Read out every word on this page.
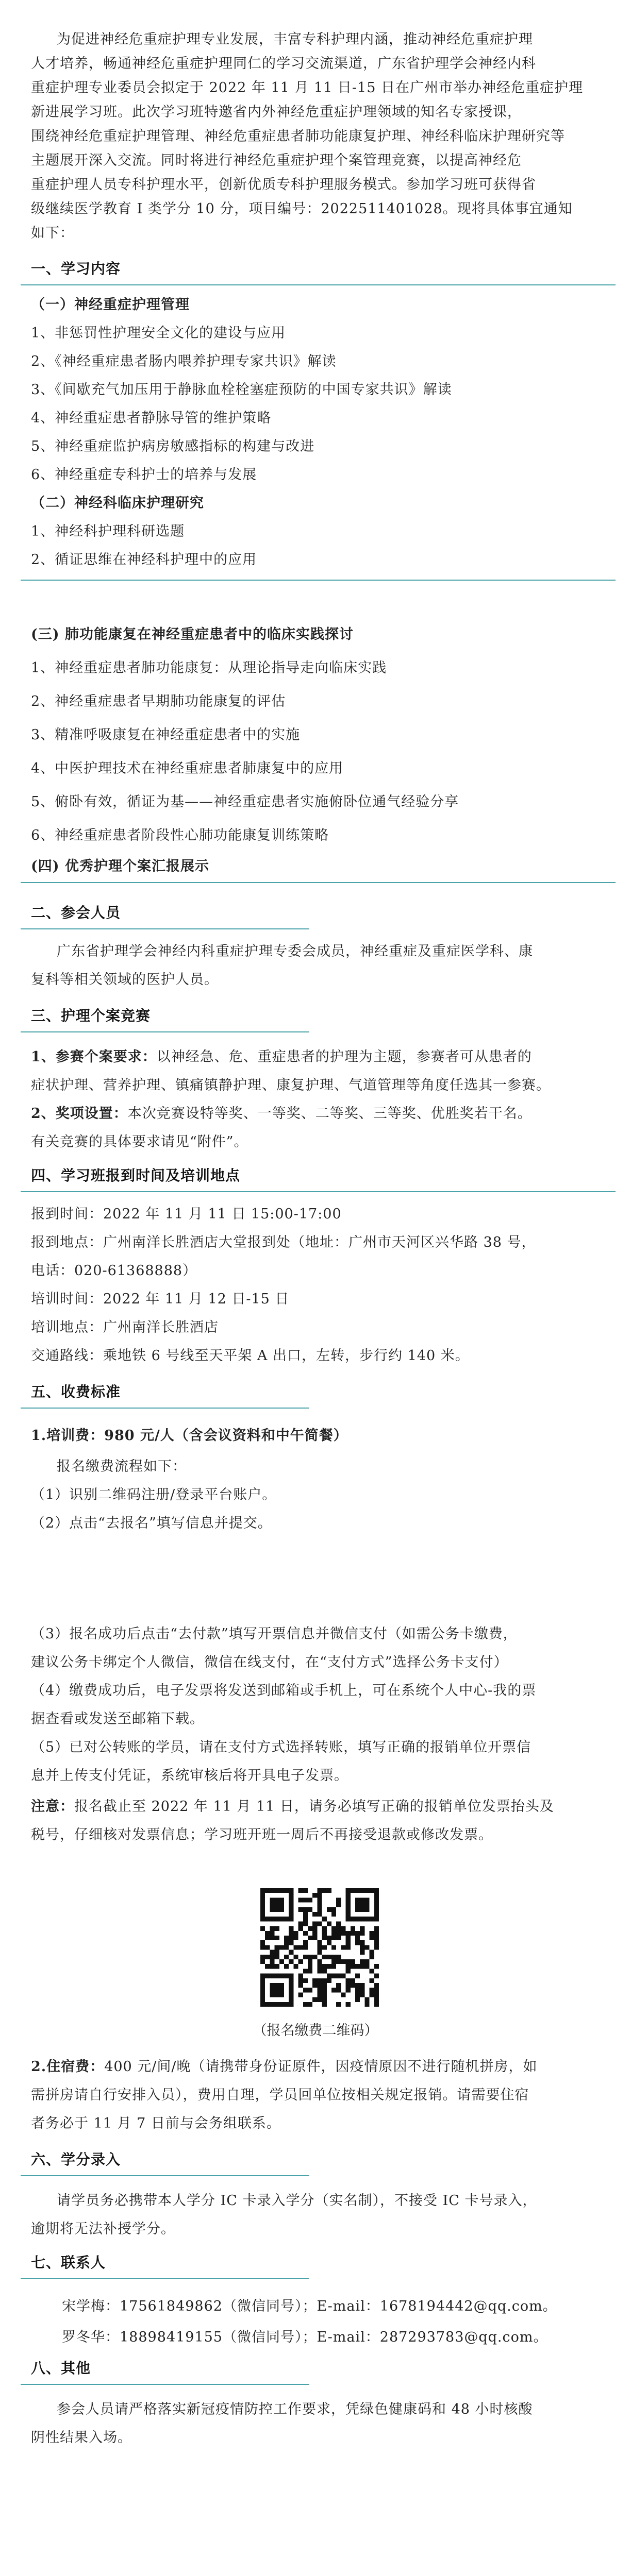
为促进神经危重症护理专业发展，丰富专科护理内涵，推动神经危重症护理
人才培养，畅通神经危重症护理同仁的学习交流渠道，广东省护理学会神经内科
重症护理专业委员会拟定于 2022 年 11 月 11 日-15 日在广州市举办神经危重症护理
新进展学习班。此次学习班特邀省内外神经危重症护理领域的知名专家授课，
围绕神经危重症护理管理、神经危重症患者肺功能康复护理、神经科临床护理研究等
主题展开深入交流。同时将进行神经危重症护理个案管理竞赛，以提高神经危
重症护理人员专科护理水平，创新优质专科护理服务模式。参加学习班可获得省
级继续医学教育 I 类学分 10 分，项目编号：2022511401028。现将具体事宜通知
如下：
一、学习内容
（一）神经重症护理管理
1、非惩罚性护理安全文化的建设与应用
2、《神经重症患者肠内喂养护理专家共识》解读
3、《间歇充气加压用于静脉血栓栓塞症预防的中国专家共识》解读
4、神经重症患者静脉导管的维护策略
5、神经重症监护病房敏感指标的构建与改进
6、神经重症专科护士的培养与发展
（二）神经科临床护理研究
1、神经科护理科研选题
2、循证思维在神经科护理中的应用
(三) 肺功能康复在神经重症患者中的临床实践探讨
1、神经重症患者肺功能康复：从理论指导走向临床实践
2、神经重症患者早期肺功能康复的评估
3、精准呼吸康复在神经重症患者中的实施
4、中医护理技术在神经重症患者肺康复中的应用
5、俯卧有效，循证为基——神经重症患者实施俯卧位通气经验分享
6、神经重症患者阶段性心肺功能康复训练策略
(四) 优秀护理个案汇报展示
二、参会人员
广东省护理学会神经内科重症护理专委会成员，神经重症及重症医学科、康
复科等相关领域的医护人员。
三、护理个案竞赛
1、参赛个案要求：以神经急、危、重症患者的护理为主题，参赛者可从患者的
症状护理、营养护理、镇痛镇静护理、康复护理、气道管理等角度任选其一参赛。
2、奖项设置：本次竞赛设特等奖、一等奖、二等奖、三等奖、优胜奖若干名。
有关竞赛的具体要求请见“附件”。
四、学习班报到时间及培训地点
报到时间：2022 年 11 月 11 日 15:00-17:00
报到地点：广州南洋长胜酒店大堂报到处（地址：广州市天河区兴华路 38 号，
电话：020-61368888）
培训时间：2022 年 11 月 12 日-15 日
培训地点：广州南洋长胜酒店
交通路线：乘地铁 6 号线至天平架 A 出口，左转，步行约 140 米。
五、收费标准
1.培训费：980 元/人（含会议资料和中午简餐）
报名缴费流程如下：
（1）识别二维码注册/登录平台账户。
（2）点击“去报名”填写信息并提交。
（3）报名成功后点击“去付款”填写开票信息并微信支付（如需公务卡缴费，
建议公务卡绑定个人微信，微信在线支付，在“支付方式”选择公务卡支付）
（4）缴费成功后，电子发票将发送到邮箱或手机上，可在系统个人中心-我的票
据查看或发送至邮箱下载。
（5）已对公转账的学员，请在支付方式选择转账，填写正确的报销单位开票信
息并上传支付凭证，系统审核后将开具电子发票。
注意：报名截止至 2022 年 11 月 11 日，请务必填写正确的报销单位发票抬头及
税号，仔细核对发票信息；学习班开班一周后不再接受退款或修改发票。
（报名缴费二维码）
2.住宿费：400 元/间/晚（请携带身份证原件，因疫情原因不进行随机拼房，如
需拼房请自行安排入员），费用自理，学员回单位按相关规定报销。请需要住宿
者务必于 11 月 7 日前与会务组联系。
六、学分录入
请学员务必携带本人学分 IC 卡录入学分（实名制），不接受 IC 卡号录入，
逾期将无法补授学分。
七、联系人
宋学梅：17561849862（微信同号）；E-mail：1678194442@qq.com。
罗冬华：18898419155（微信同号）；E-mail：287293783@qq.com。
八、其他
参会人员请严格落实新冠疫情防控工作要求，凭绿色健康码和 48 小时核酸
阴性结果入场。
